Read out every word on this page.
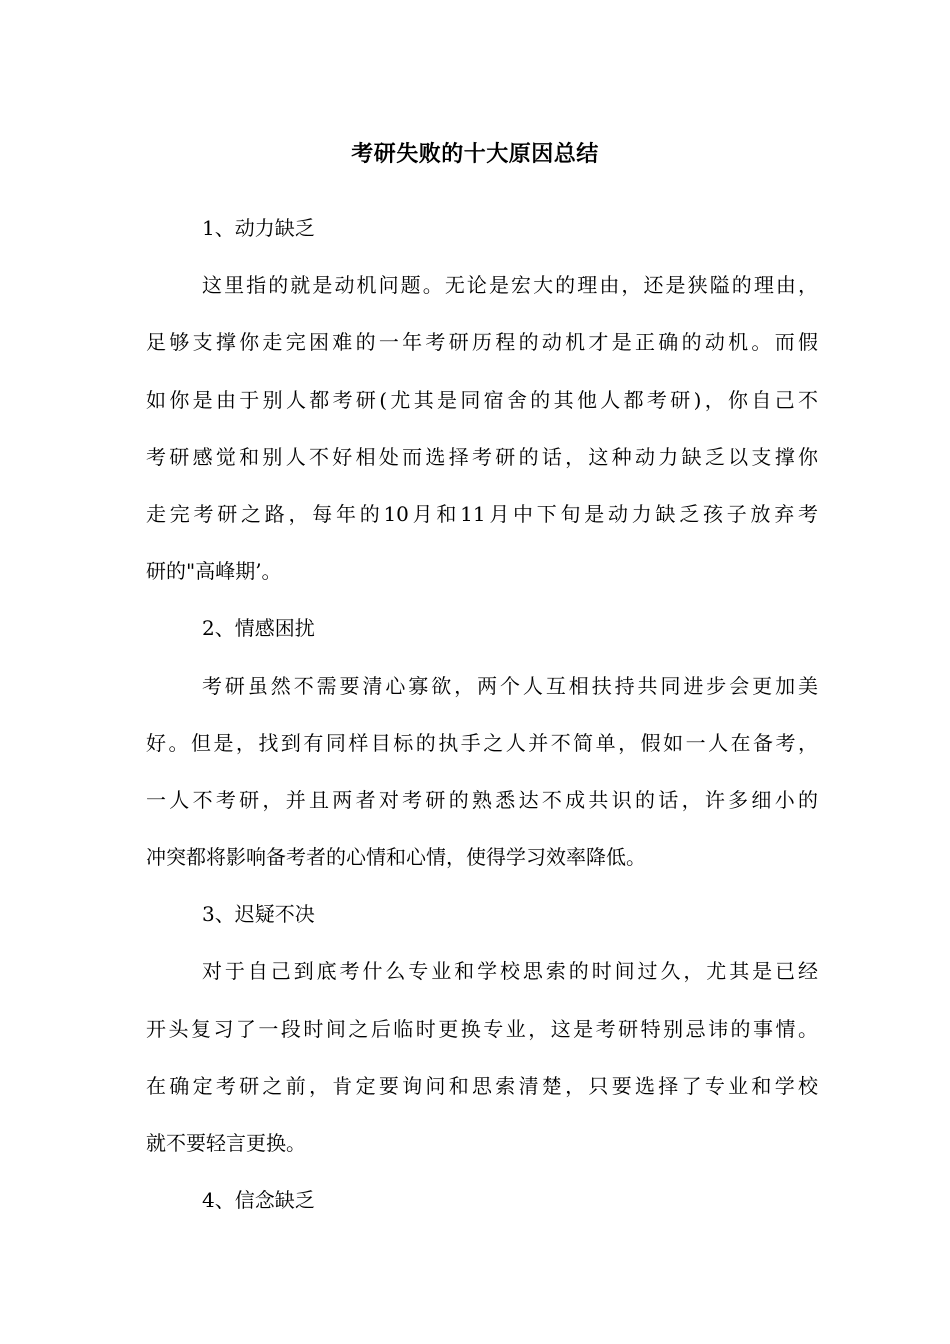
考研失败的十大原因总结
1、动力缺乏
这里指的就是动机问题。无论是宏大的理由，还是狭隘的理由，
足够支撑你走完困难的一年考研历程的动机才是正确的动机。而假
如你是由于别人都考研(尤其是同宿舍的其他人都考研)，你自己不
考研感觉和别人不好相处而选择考研的话，这种动力缺乏以支撑你
走完考研之路，每年的10月和11月中下旬是动力缺乏孩子放弃考
研的"高峰期’。
2、情感困扰
考研虽然不需要清心寡欲，两个人互相扶持共同进步会更加美
好。但是，找到有同样目标的执手之人并不简单，假如一人在备考，
一人不考研，并且两者对考研的熟悉达不成共识的话，许多细小的
冲突都将影响备考者的心情和心情，使得学习效率降低。
3、迟疑不决
对于自己到底考什么专业和学校思索的时间过久，尤其是已经
开头复习了一段时间之后临时更换专业，这是考研特别忌讳的事情。
在确定考研之前，肯定要询问和思索清楚，只要选择了专业和学校
就不要轻言更换。
4、信念缺乏
